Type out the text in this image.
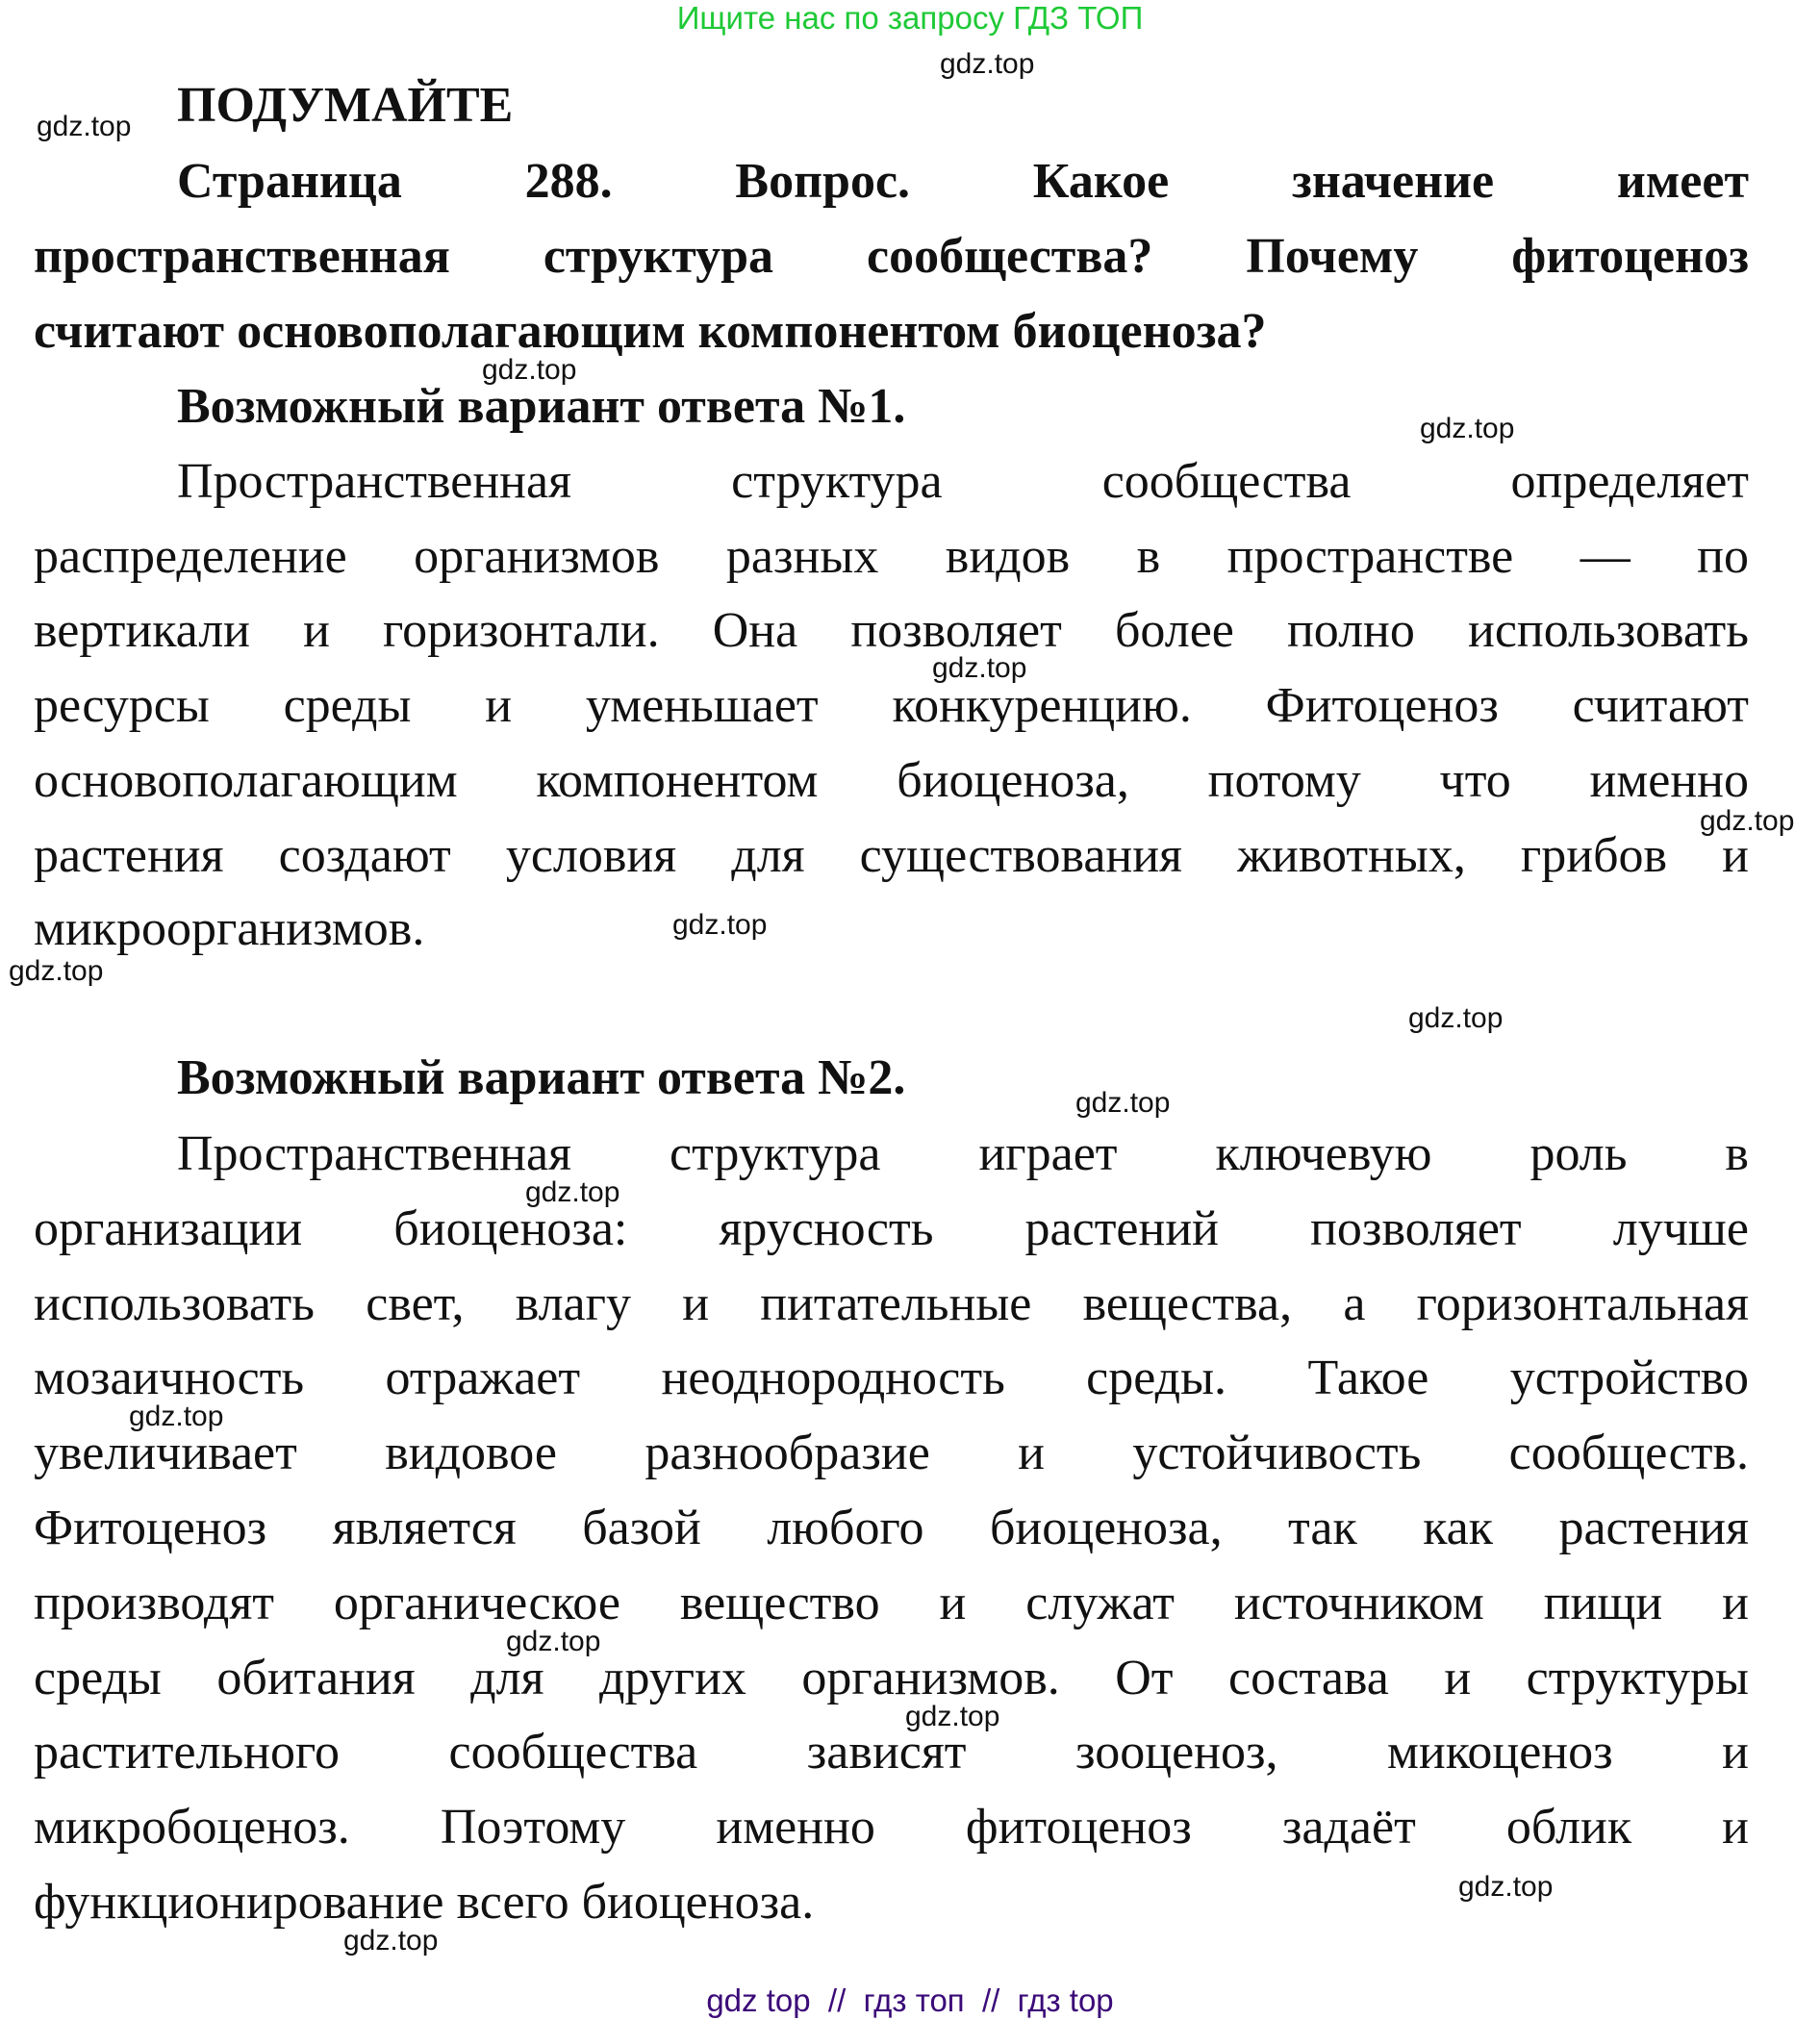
Ищите нас по запросу ГДЗ ТОП
ПОДУМАЙТЕ
Страница 288. Вопрос. Какое значение имеет
пространственная структура сообщества? Почему фитоценоз
считают основополагающим компонентом биоценоза?
Возможный вариант ответа №1.
Пространственная структура сообщества определяет
распределение организмов разных видов в пространстве — по
вертикали и горизонтали. Она позволяет более полно использовать
ресурсы среды и уменьшает конкуренцию. Фитоценоз считают
основополагающим компонентом биоценоза, потому что именно
растения создают условия для существования животных, грибов и
микроорганизмов.
Возможный вариант ответа №2.
Пространственная структура играет ключевую роль в
организации биоценоза: ярусность растений позволяет лучше
использовать свет, влагу и питательные вещества, а горизонтальная
мозаичность отражает неоднородность среды. Такое устройство
увеличивает видовое разнообразие и устойчивость сообществ.
Фитоценоз является базой любого биоценоза, так как растения
производят органическое вещество и служат источником пищи и
среды обитания для других организмов. От состава и структуры
растительного сообщества зависят зооценоз, микоценоз и
микробоценоз. Поэтому именно фитоценоз задаёт облик и
функционирование всего биоценоза.
gdz.top
gdz.top
gdz.top
gdz.top
gdz.top
gdz.top
gdz.top
gdz.top
gdz.top
gdz.top
gdz.top
gdz.top
gdz.top
gdz.top
gdz.top
gdz.top
gdz top  //  гдз топ  //  гдз top
